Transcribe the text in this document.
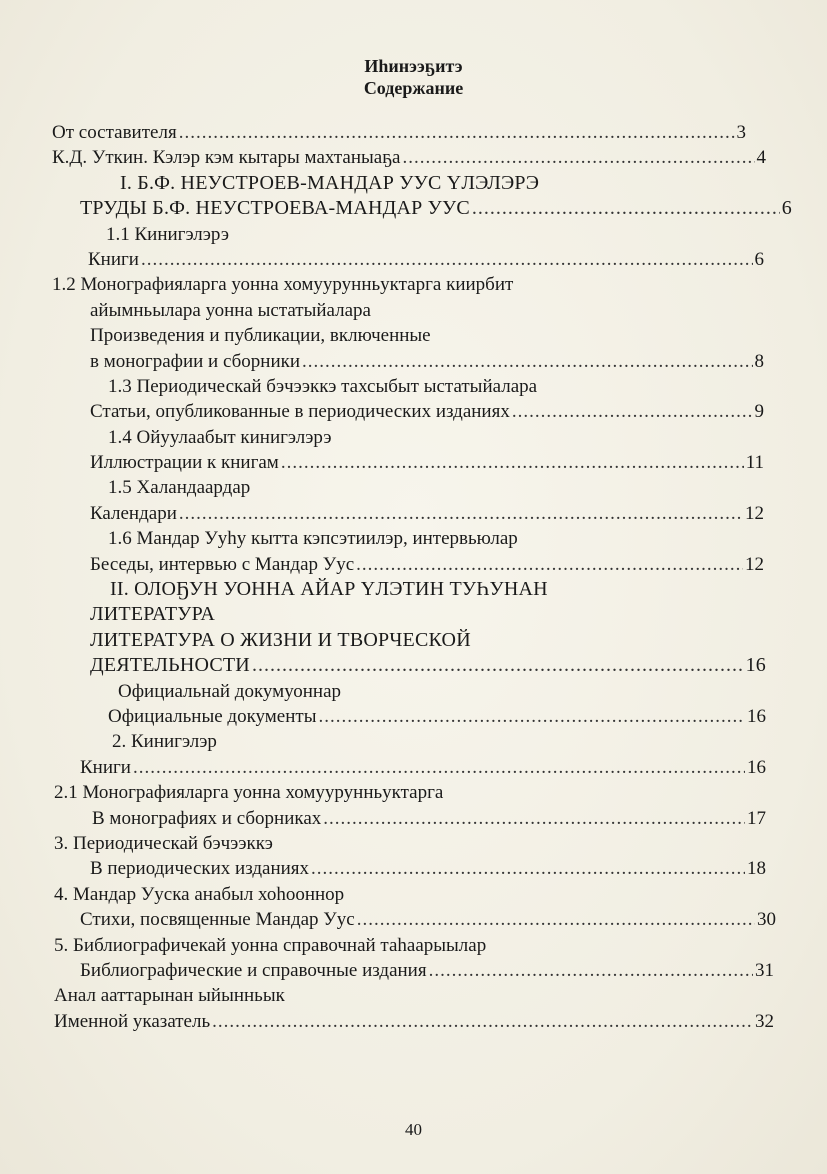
Иһинээҕитэ
Содержание
От составителя .....	3
К.Д. Уткин. Кэлэр кэм кытары махтаныаҕа .....	4
I. Б.Ф. НЕУСТРОЕВ-МАНДАР УУС ҮЛЭЛЭРЭ
ТРУДЫ Б.Ф. НЕУСТРОЕВА-МАНДАР УУС .....	6
1.1 Кинигэлэрэ
Книги .....	6
1.2 Монографияларга уонна хомуурунньуктарга киирбит
айымньылара уонна ыстатыйалара
Произведения и публикации, включенные
в монографии и сборники .....	8
1.3 Периодическай бэчээккэ тахсыбыт ыстатыйалара
Статьи, опубликованные в периодических изданиях .....	9
1.4 Ойуулаабыт кинигэлэрэ
Иллюстрации к книгам .....	11
1.5 Халандаардар
Календари .....	12
1.6 Мандар Ууһу кытта кэпсэтиилэр, интервьюлар
Беседы, интервью с Мандар Уус .....	12
II. ОЛОҔУН УОННА АЙАР ҮЛЭТИН ТУҺУНАН
ЛИТЕРАТУРА
ЛИТЕРАТУРА О ЖИЗНИ И ТВОРЧЕСКОЙ
ДЕЯТЕЛЬНОСТИ .....	16
Официальнай докумуоннар
Официальные документы .....	16
2. Кинигэлэр
Книги .....	16
2.1 Монографияларга уонна хомуурунньуктарга
В монографиях и сборниках .....	17
3. Периодическай бэчээккэ
В периодических изданиях .....	18
4. Мандар Ууска анабыл хоһооннор
Стихи, посвященные Мандар Уус .....	30
5. Библиографичекай уонна справочнай таһаарыылар
Библиографические и справочные издания .....	31
Анал ааттарынан ыйынньык
Именной указатель .....	32
40
